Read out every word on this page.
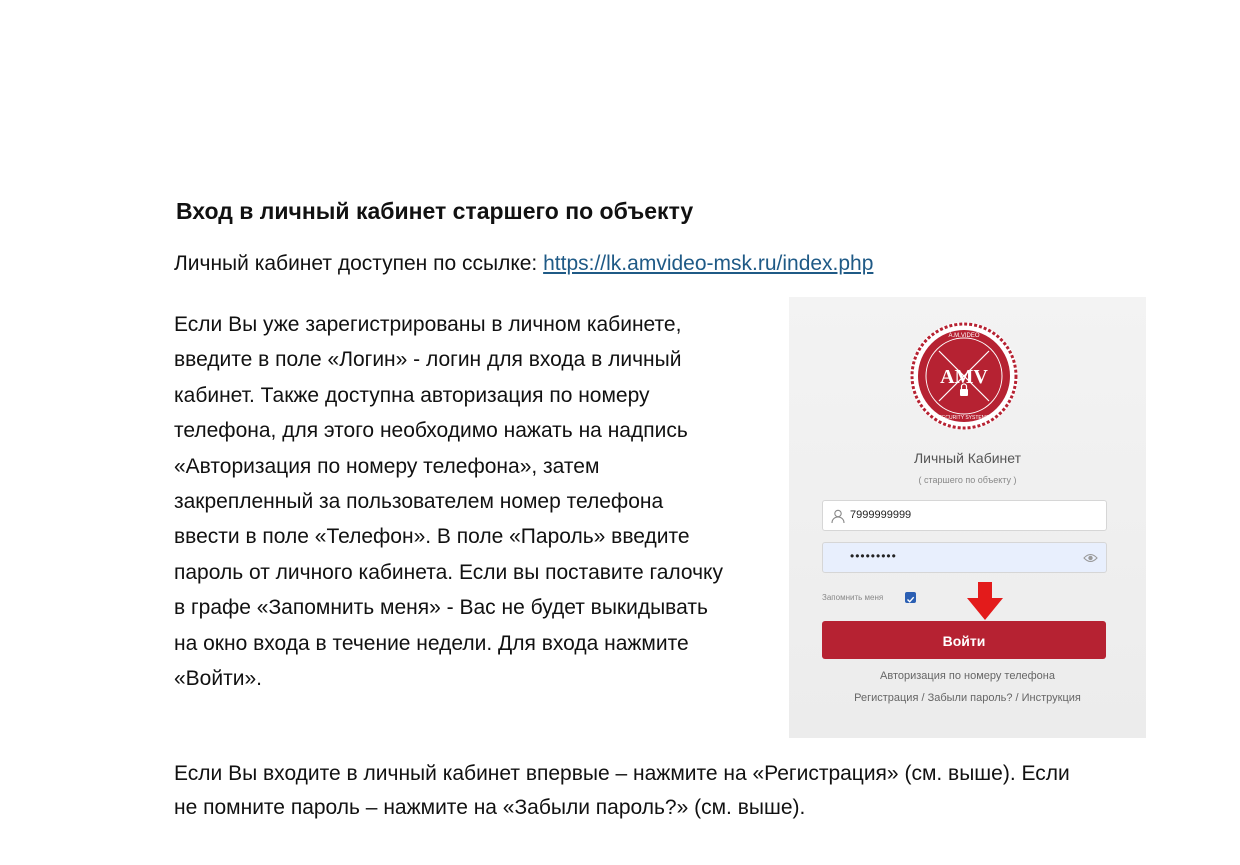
Вход в личный кабинет старшего по объекту
Личный кабинет доступен по ссылке: https://lk.amvideo-msk.ru/index.php
Если Вы уже зарегистрированы в личном кабинете,
введите в поле «Логин» - логин для входа в личный
кабинет. Также доступна авторизация по номеру
телефона, для этого необходимо нажать на надпись
«Авторизация по номеру телефона», затем
закрепленный за пользователем номер телефона
ввести в поле «Телефон». В поле «Пароль» введите
пароль от личного кабинета. Если вы поставите галочку
в графе «Запомнить меня» - Вас не будет выкидывать
на окно входа в течение недели. Для входа нажмите
«Войти».
A.M.VIDEO
AMV
SECURITY SYSTEMS
Личный Кабинет
( старшего по объекту )
7999999999
•••••••••
Запомнить меня
Войти
Авторизация по номеру телефона
Регистрация / Забыли пароль? / Инструкция
Если Вы входите в личный кабинет впервые – нажмите на «Регистрация» (см. выше). Если
не помните пароль – нажмите на «Забыли пароль?» (см. выше).
